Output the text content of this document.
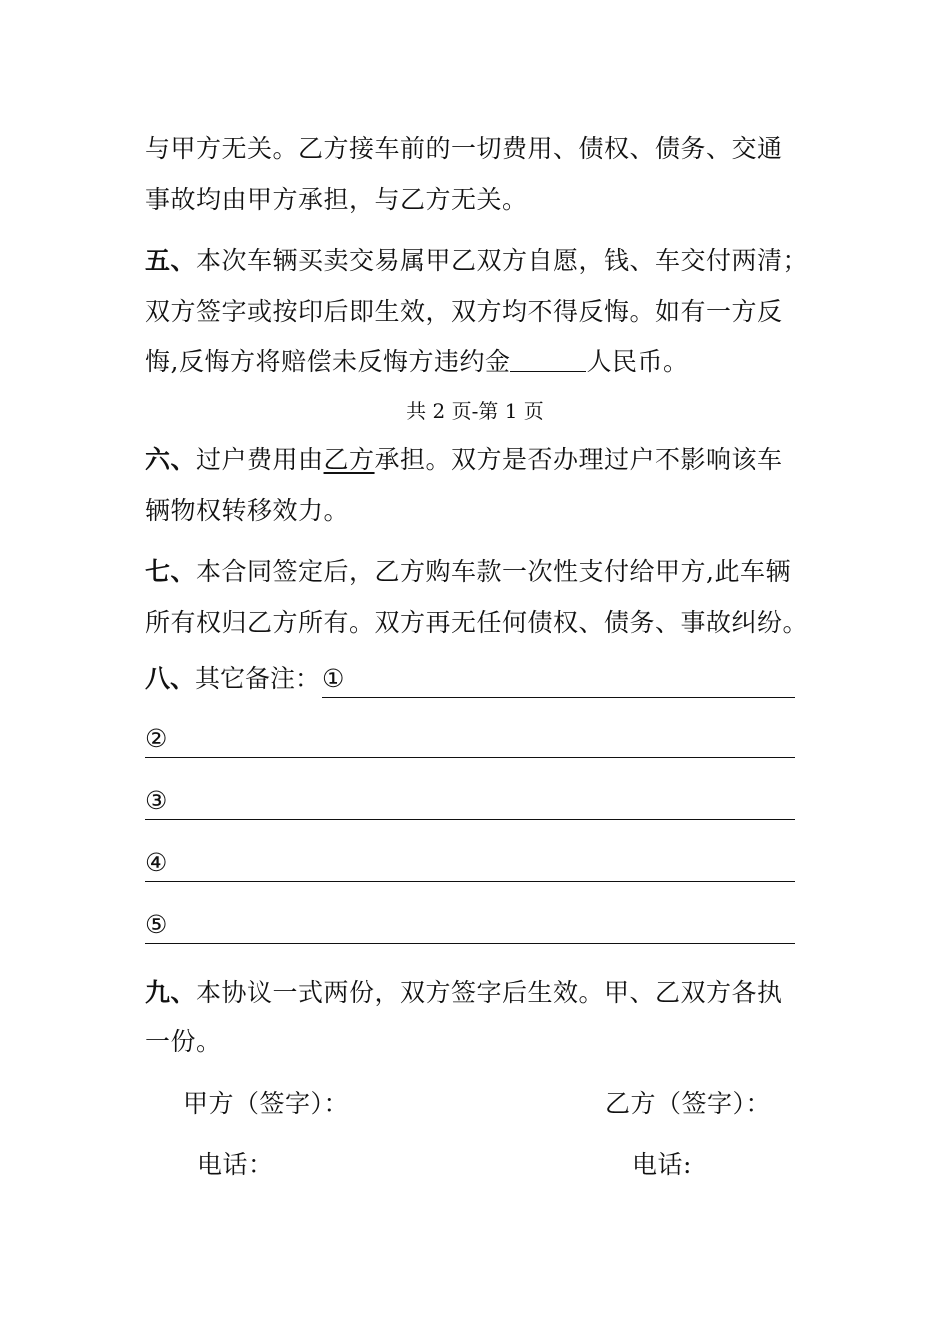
与甲方无关。乙方接车前的一切费用、债权、债务、交通
事故均由甲方承担，与乙方无关。
五、本次车辆买卖交易属甲乙双方自愿，钱、车交付两清；
双方签字或按印后即生效，双方均不得反悔。如有一方反
悔,反悔方将赔偿未反悔方违约金	人民币。
共 2 页-第 1 页
六、过户费用由乙方承担。双方是否办理过户不影响该车
辆物权转移效力。
七、本合同签定后，乙方购车款一次性支付给甲方,此车辆
所有权归乙方所有。双方再无任何债权、债务、事故纠纷。
八、其它备注： ①
②
③
④
⑤
九、本协议一式两份，双方签字后生效。甲、乙双方各执
一份。
甲方（签字）：	乙方（签字）：
电话：	电话:
